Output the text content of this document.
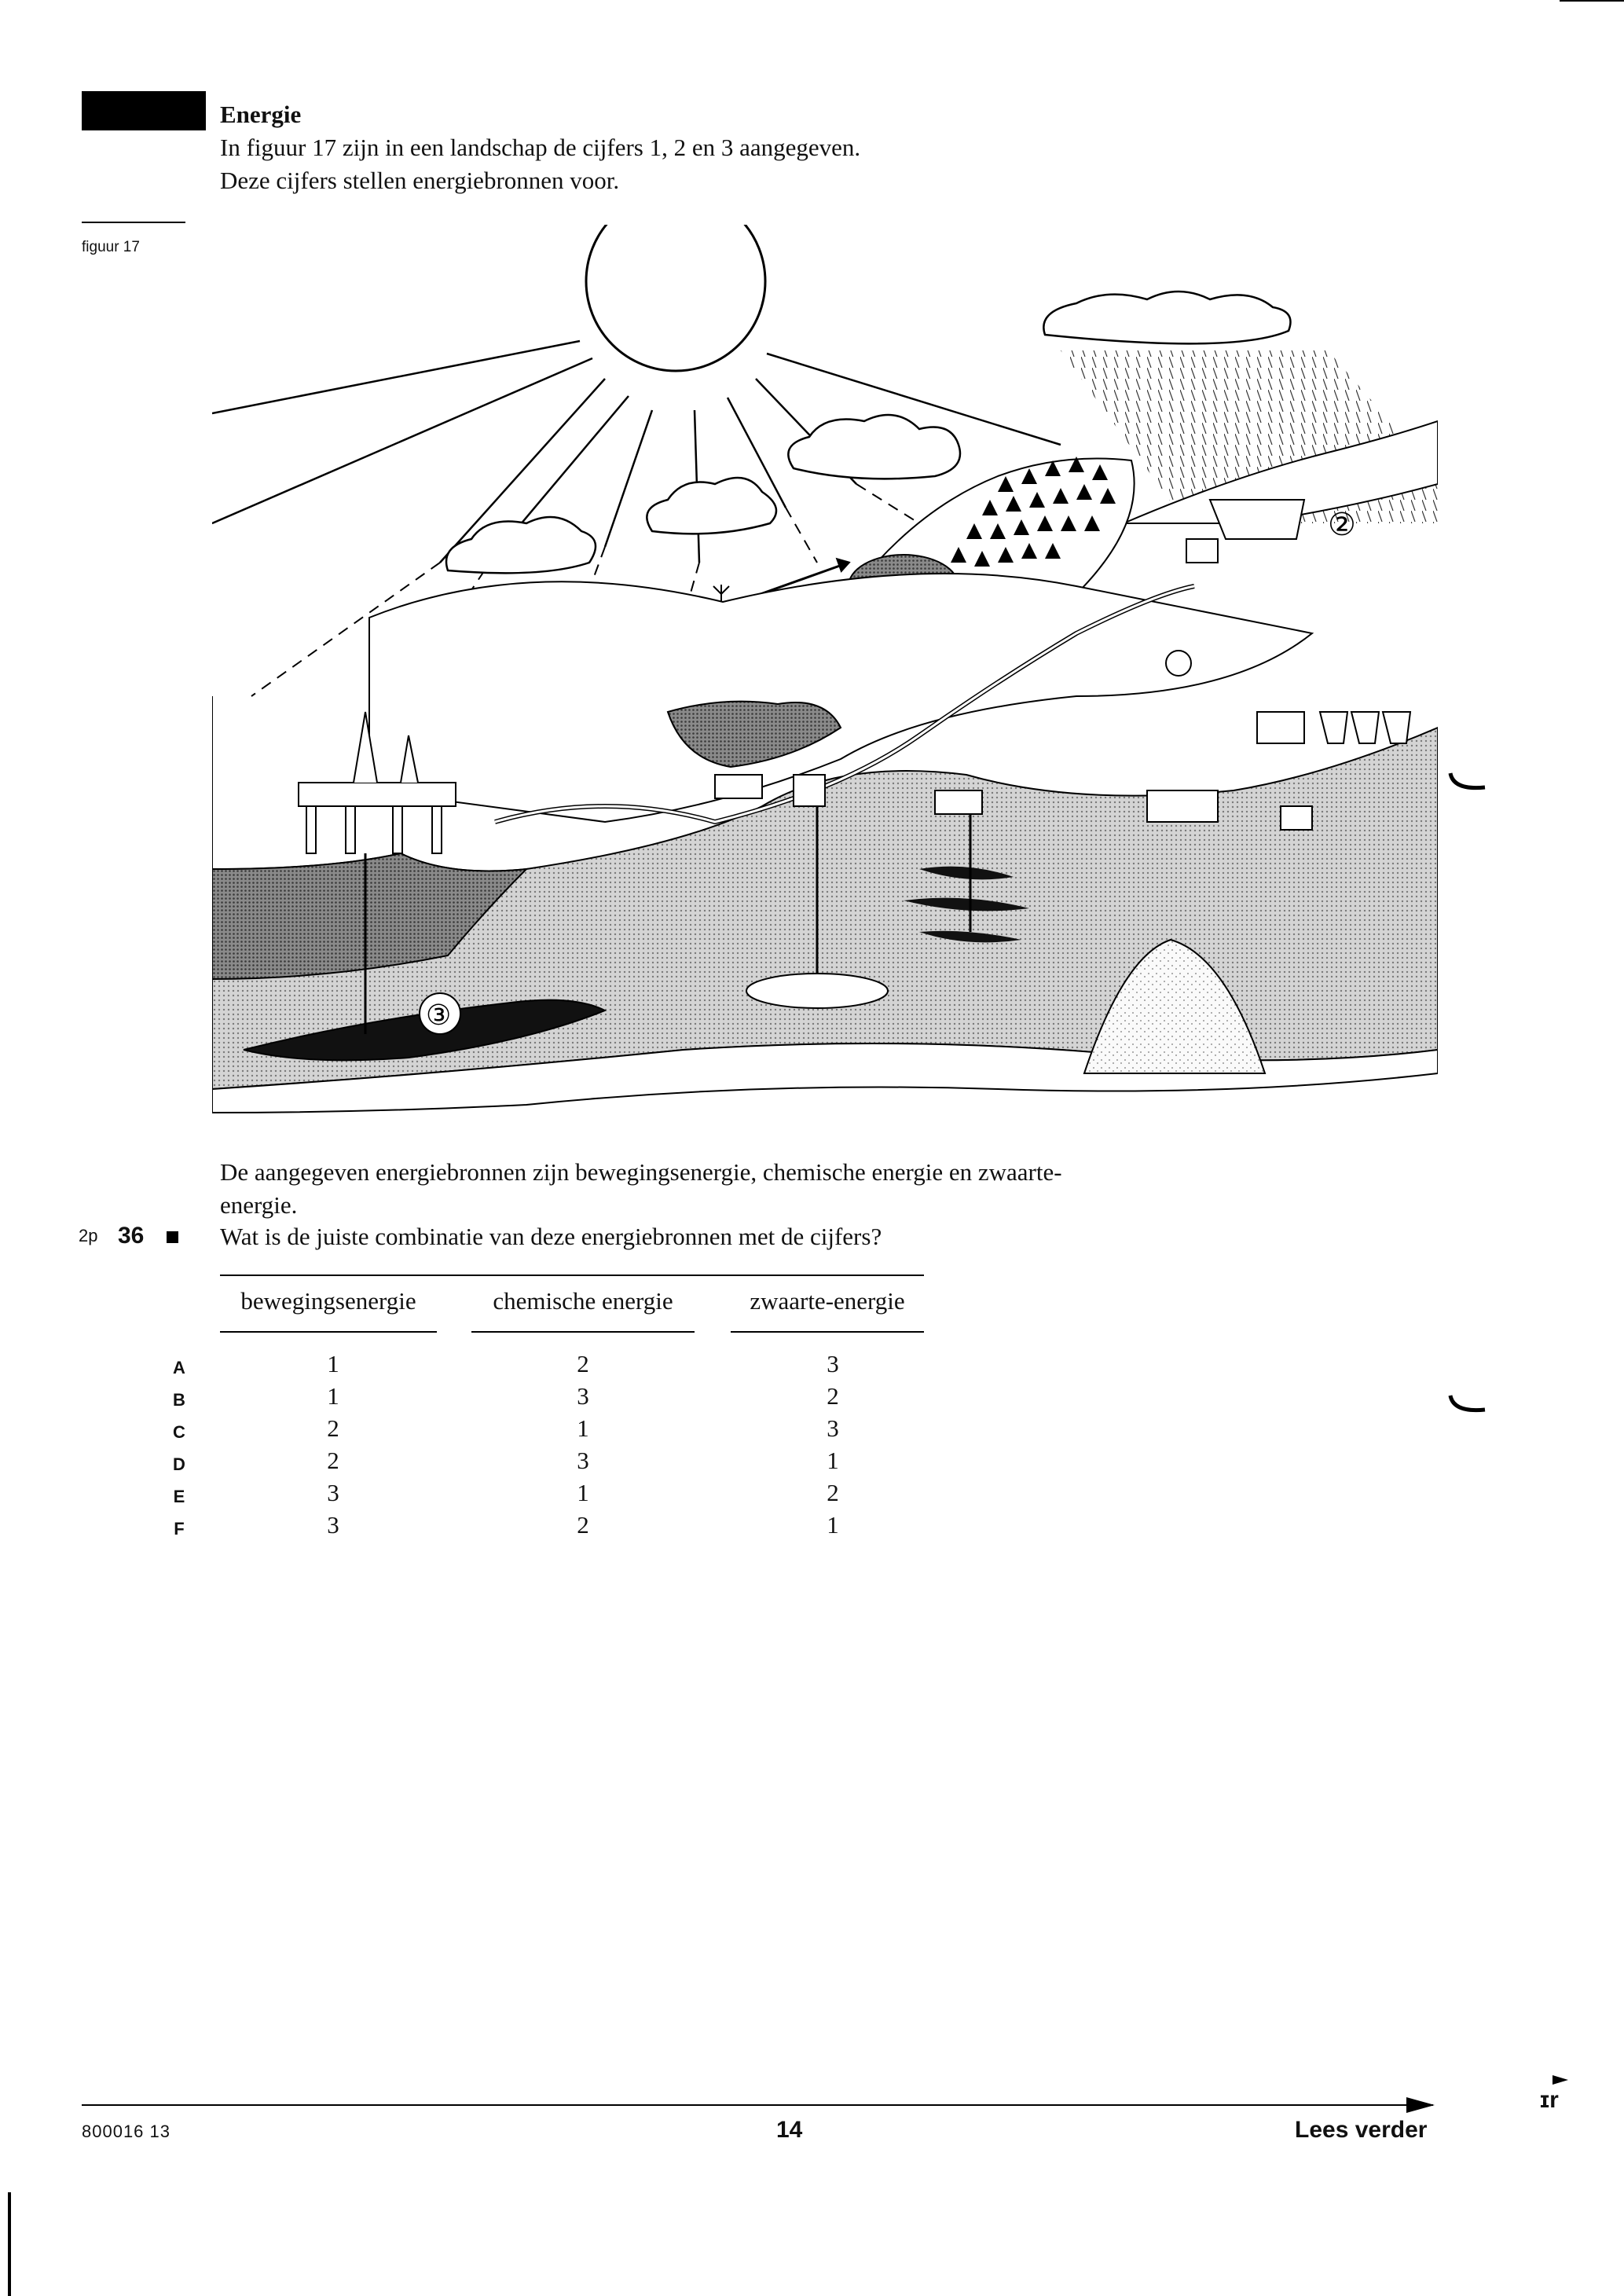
Energie
In figuur 17 zijn in een landschap de cijfers 1, 2 en 3 aangegeven.
Deze cijfers stellen energiebronnen voor.
figuur 17
②
③
De aangegeven energiebronnen zijn bewegingsenergie, chemische energie en zwaarte-
energie.
2p 36	Wat is de juiste combinatie van deze energiebronnen met de cijfers?
bewegingsenergie	chemische energie	zwaarte-energie
A	1	2	3
B	1	3	2
C	2	1	3
D	2	3	1
E	3	1	2
F	3	2	1
ɪr
800016 13	14	Lees verder
